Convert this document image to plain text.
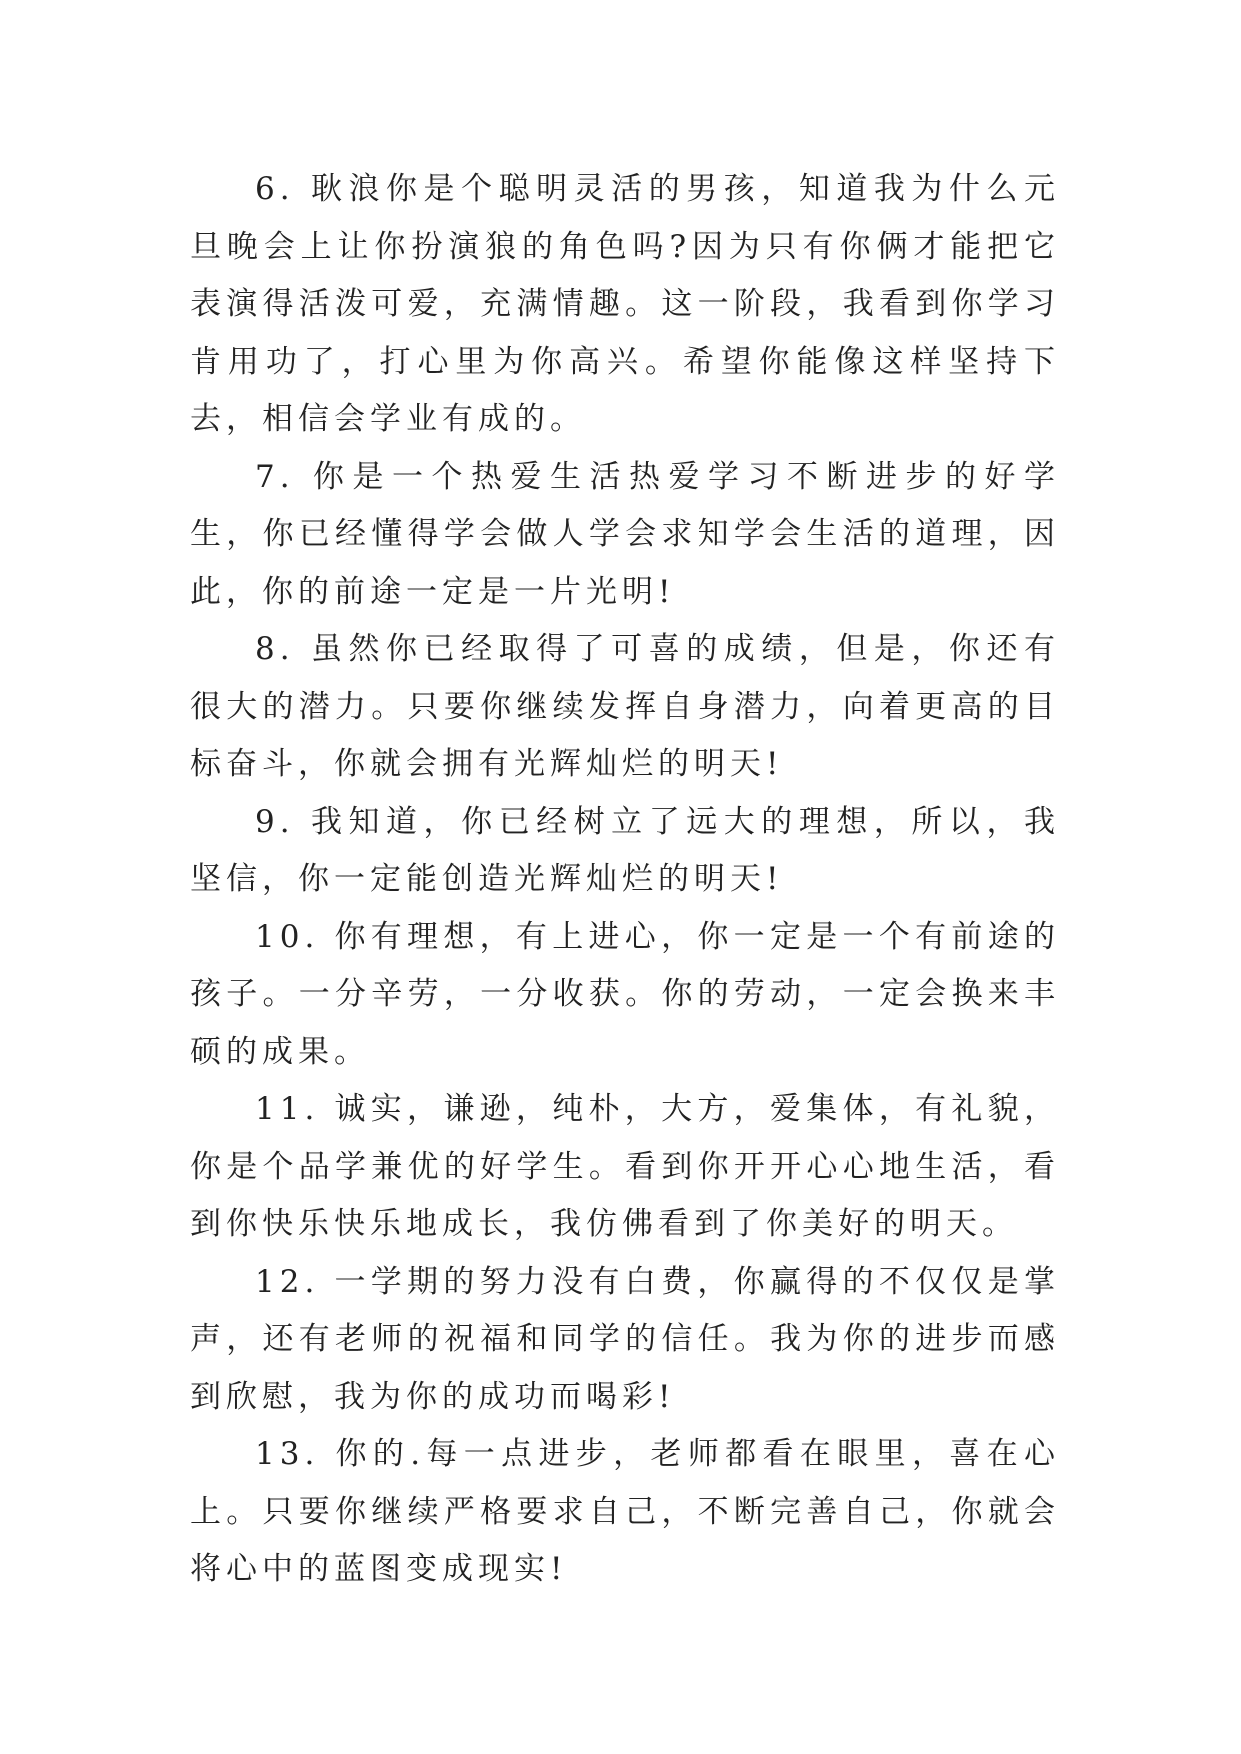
6. 耿浪你是个聪明灵活的男孩，知道我为什么元旦晚会上让你扮演狼的角色吗?因为只有你俩才能把它表演得活泼可爱，充满情趣。这一阶段，我看到你学习肯用功了，打心里为你高兴。希望你能像这样坚持下去，相信会学业有成的。

7. 你是一个热爱生活热爱学习不断进步的好学生，你已经懂得学会做人学会求知学会生活的道理，因此，你的前途一定是一片光明!

8. 虽然你已经取得了可喜的成绩，但是，你还有很大的潜力。只要你继续发挥自身潜力，向着更高的目标奋斗，你就会拥有光辉灿烂的明天!

9. 我知道，你已经树立了远大的理想，所以，我坚信，你一定能创造光辉灿烂的明天!

10. 你有理想，有上进心，你一定是一个有前途的孩子。一分辛劳，一分收获。你的劳动，一定会换来丰硕的成果。

11. 诚实，谦逊，纯朴，大方，爱集体，有礼貌，你是个品学兼优的好学生。看到你开开心心地生活，看到你快乐快乐地成长，我仿佛看到了你美好的明天。

12. 一学期的努力没有白费，你赢得的不仅仅是掌声，还有老师的祝福和同学的信任。我为你的进步而感到欣慰，我为你的成功而喝彩!

13. 你的.每一点进步，老师都看在眼里，喜在心上。只要你继续严格要求自己，不断完善自己，你就会将心中的蓝图变成现实!
